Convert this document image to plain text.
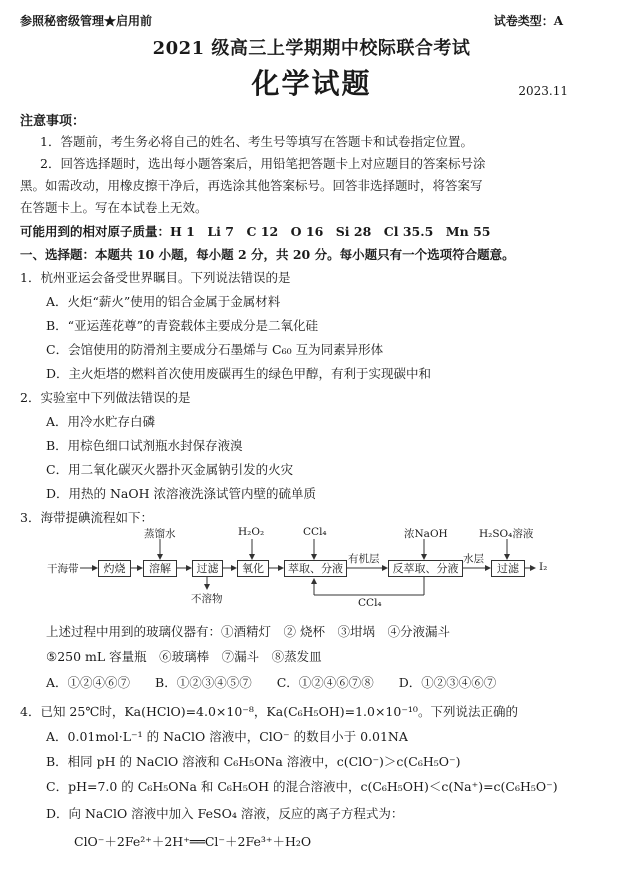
参照秘密级管理★启用前	试卷类型：A
2021 级高三上学期期中校际联合考试
化学试题	2023.11
注意事项：
1．答题前，考生务必将自己的姓名、考生号等填写在答题卡和试卷指定位置。
2．回答选择题时，选出每小题答案后，用铅笔把答题卡上对应题目的答案标号涂
黑。如需改动，用橡皮擦干净后，再选涂其他答案标号。回答非选择题时，将答案写
在答题卡上。写在本试卷上无效。
可能用到的相对原子质量：H 1　Li 7　C 12　O 16　Si 28　Cl 35.5　Mn 55
一、选择题：本题共 10 小题，每小题 2 分，共 20 分。每小题只有一个选项符合题意。
1．杭州亚运会备受世界瞩目。下列说法错误的是
A．火炬“薪火”使用的铝合金属于金属材料
B．“亚运莲花尊”的青瓷载体主要成分是二氧化硅
C．会馆使用的防滑剂主要成分石墨烯与 C₆₀ 互为同素异形体
D．主火炬塔的燃料首次使用废碳再生的绿色甲醇，有利于实现碳中和
2．实验室中下列做法错误的是
A．用冷水贮存白磷
B．用棕色细口试剂瓶水封保存液溴
C．用二氧化碳灭火器扑灭金属钠引发的火灾
D．用热的 NaOH 浓溶液洗涤试管内壁的硫单质
3．海带提碘流程如下：
干海带	灼烧	溶解	过滤	氧化	萃取、分液	反萃取、分液	过滤	I₂
蒸馏水	H₂O₂	CCl₄	浓NaOH	H₂SO₄溶液
有机层	水层
不溶物	CCl₄
上述过程中用到的玻璃仪器有：①酒精灯　② 烧杯　③坩埚　④分液漏斗
⑤250 mL 容量瓶　⑥玻璃棒　⑦漏斗　⑧蒸发皿
A．①②④⑥⑦　　B．①②③④⑤⑦　　C．①②④⑥⑦⑧　　D．①②③④⑥⑦
4．已知 25℃时，Ka(HClO)=4.0×10⁻⁸，Ka(C₆H₅OH)=1.0×10⁻¹⁰。下列说法正确的
A．0.01mol·L⁻¹ 的 NaClO 溶液中，ClO⁻ 的数目小于 0.01NA
B．相同 pH 的 NaClO 溶液和 C₆H₅ONa 溶液中，c(ClO⁻)＞c(C₆H₅O⁻)
C．pH=7.0 的 C₆H₅ONa 和 C₆H₅OH 的混合溶液中，c(C₆H₅OH)＜c(Na⁺)=c(C₆H₅O⁻)
D．向 NaClO 溶液中加入 FeSO₄ 溶液，反应的离子方程式为：
ClO⁻＋2Fe²⁺＋2H⁺══Cl⁻＋2Fe³⁺＋H₂O
